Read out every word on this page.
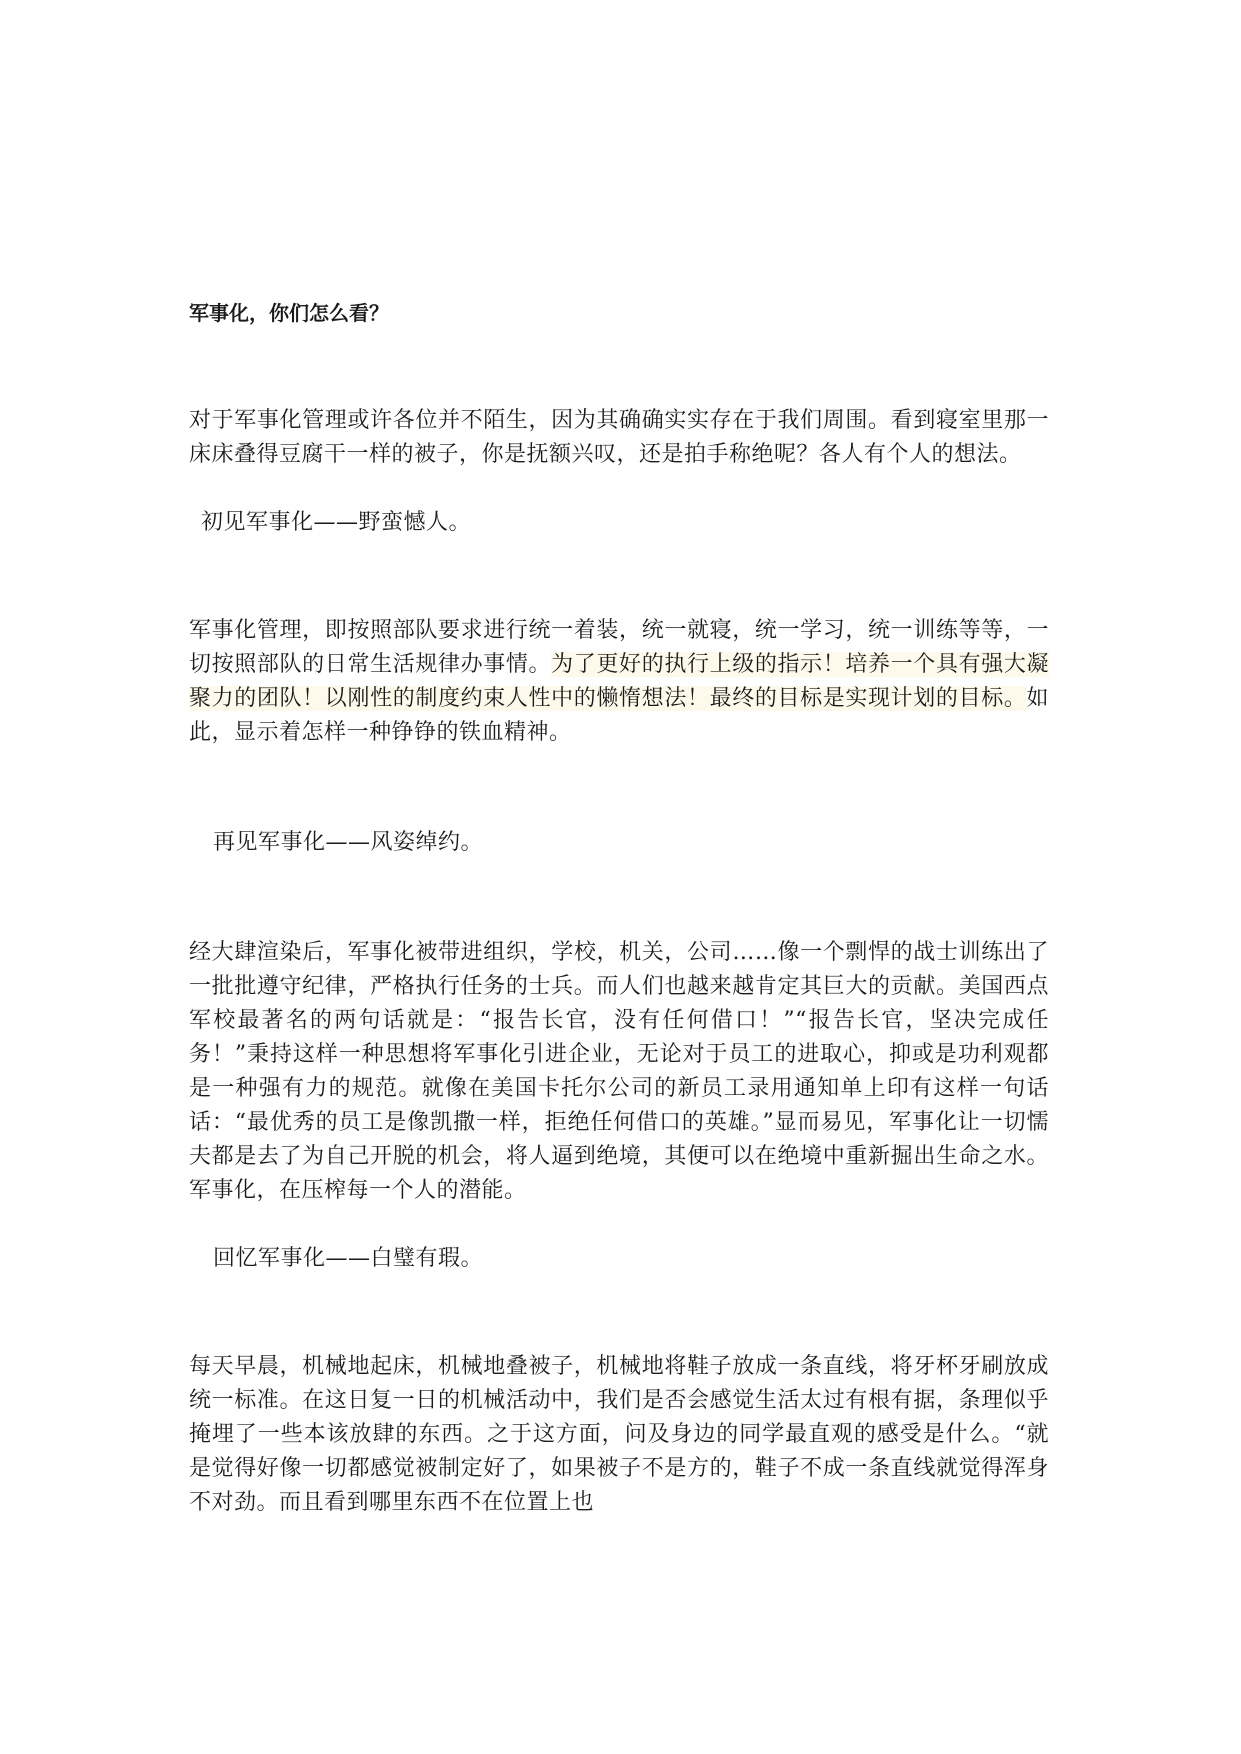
军事化，你们怎么看？

对于军事化管理或许各位并不陌生，因为其确确实实存在于我们周围。看到寝室里那一床床叠得豆腐干一样的被子，你是抚额兴叹，还是拍手称绝呢？各人有个人的想法。

初见军事化——野蛮憾人。

军事化管理，即按照部队要求进行统一着装，统一就寝，统一学习，统一训练等等，一切按照部队的日常生活规律办事情。为了更好的执行上级的指示！培养一个具有强大凝聚力的团队！以刚性的制度约束人性中的懒惰想法！最终的目标是实现计划的目标。如此，显示着怎样一种铮铮的铁血精神。

再见军事化——风姿绰约。

经大肆渲染后，军事化被带进组织，学校，机关，公司……像一个剽悍的战士训练出了一批批遵守纪律，严格执行任务的士兵。而人们也越来越肯定其巨大的贡献。美国西点军校最著名的两句话就是：“报告长官，没有任何借口！”“报告长官，坚决完成任务！”秉持这样一种思想将军事化引进企业，无论对于员工的进取心，抑或是功利观都是一种强有力的规范。就像在美国卡托尔公司的新员工录用通知单上印有这样一句话话：“最优秀的员工是像凯撒一样，拒绝任何借口的英雄。”显而易见，军事化让一切懦夫都是去了为自己开脱的机会，将人逼到绝境，其便可以在绝境中重新掘出生命之水。军事化，在压榨每一个人的潜能。

回忆军事化——白璧有瑕。

每天早晨，机械地起床，机械地叠被子，机械地将鞋子放成一条直线，将牙杯牙刷放成统一标准。在这日复一日的机械活动中，我们是否会感觉生活太过有根有据，条理似乎掩埋了一些本该放肆的东西。之于这方面，问及身边的同学最直观的感受是什么。“就是觉得好像一切都感觉被制定好了，如果被子不是方的，鞋子不成一条直线就觉得浑身不对劲。而且看到哪里东西不在位置上也
